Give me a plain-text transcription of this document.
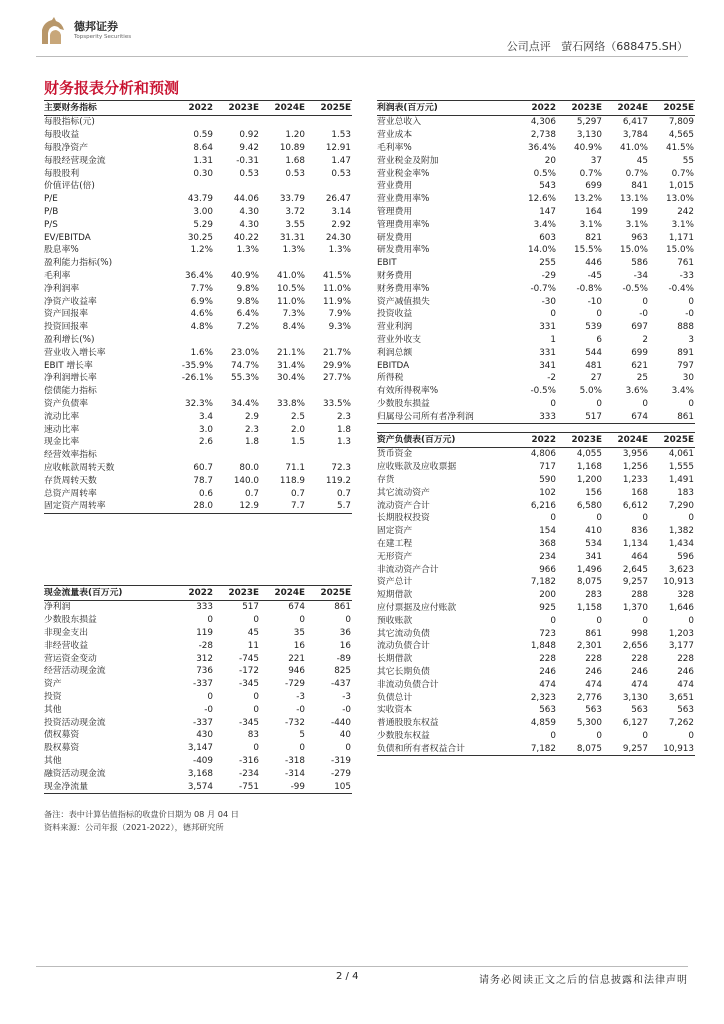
德邦证券
Topsperity Securities
公司点评 萤石网络（688475.SH）
财务报表分析和预测
主要财务指标	2022	2023E	2024E	2025E
每股指标(元)				
每股收益	0.59	0.92	1.20	1.53
每股净资产	8.64	9.42	10.89	12.91
每股经营现金流	1.31	-0.31	1.68	1.47
每股股利	0.30	0.53	0.53	0.53
价值评估(倍)				
P/E	43.79	44.06	33.79	26.47
P/B	3.00	4.30	3.72	3.14
P/S	5.29	4.30	3.55	2.92
EV/EBITDA	30.25	40.22	31.31	24.30
股息率%	1.2%	1.3%	1.3%	1.3%
盈利能力指标(%)				
毛利率	36.4%	40.9%	41.0%	41.5%
净利润率	7.7%	9.8%	10.5%	11.0%
净资产收益率	6.9%	9.8%	11.0%	11.9%
资产回报率	4.6%	6.4%	7.3%	7.9%
投资回报率	4.8%	7.2%	8.4%	9.3%
盈利增长(%)				
营业收入增长率	1.6%	23.0%	21.1%	21.7%
EBIT 增长率	-35.9%	74.7%	31.4%	29.9%
净利润增长率	-26.1%	55.3%	30.4%	27.7%
偿债能力指标				
资产负债率	32.3%	34.4%	33.8%	33.5%
流动比率	3.4	2.9	2.5	2.3
速动比率	3.0	2.3	2.0	1.8
现金比率	2.6	1.8	1.5	1.3
经营效率指标				
应收帐款周转天数	60.7	80.0	71.1	72.3
存货周转天数	78.7	140.0	118.9	119.2
总资产周转率	0.6	0.7	0.7	0.7
固定资产周转率	28.0	12.9	7.7	5.7
利润表(百万元)	2022	2023E	2024E	2025E
营业总收入	4,306	5,297	6,417	7,809
营业成本	2,738	3,130	3,784	4,565
毛利率%	36.4%	40.9%	41.0%	41.5%
营业税金及附加	20	37	45	55
营业税金率%	0.5%	0.7%	0.7%	0.7%
营业费用	543	699	841	1,015
营业费用率%	12.6%	13.2%	13.1%	13.0%
管理费用	147	164	199	242
管理费用率%	3.4%	3.1%	3.1%	3.1%
研发费用	603	821	963	1,171
研发费用率%	14.0%	15.5%	15.0%	15.0%
EBIT	255	446	586	761
财务费用	-29	-45	-34	-33
财务费用率%	-0.7%	-0.8%	-0.5%	-0.4%
资产减值损失	-30	-10	0	0
投资收益	0	0	-0	-0
营业利润	331	539	697	888
营业外收支	1	6	2	3
利润总额	331	544	699	891
EBITDA	341	481	621	797
所得税	-2	27	25	30
有效所得税率%	-0.5%	5.0%	3.6%	3.4%
少数股东损益	0	0	0	0
归属母公司所有者净利润	333	517	674	861
资产负债表(百万元)	2022	2023E	2024E	2025E
货币资金	4,806	4,055	3,956	4,061
应收账款及应收票据	717	1,168	1,256	1,555
存货	590	1,200	1,233	1,491
其它流动资产	102	156	168	183
流动资产合计	6,216	6,580	6,612	7,290
长期股权投资	0	0	0	0
固定资产	154	410	836	1,382
在建工程	368	534	1,134	1,434
无形资产	234	341	464	596
非流动资产合计	966	1,496	2,645	3,623
资产总计	7,182	8,075	9,257	10,913
短期借款	200	283	288	328
应付票据及应付账款	925	1,158	1,370	1,646
预收账款	0	0	0	0
其它流动负债	723	861	998	1,203
流动负债合计	1,848	2,301	2,656	3,177
长期借款	228	228	228	228
其它长期负债	246	246	246	246
非流动负债合计	474	474	474	474
负债总计	2,323	2,776	3,130	3,651
实收资本	563	563	563	563
普通股股东权益	4,859	5,300	6,127	7,262
少数股东权益	0	0	0	0
负债和所有者权益合计	7,182	8,075	9,257	10,913
现金流量表(百万元)	2022	2023E	2024E	2025E
净利润	333	517	674	861
少数股东损益	0	0	0	0
非现金支出	119	45	35	36
非经营收益	-28	11	16	16
营运资金变动	312	-745	221	-89
经营活动现金流	736	-172	946	825
资产	-337	-345	-729	-437
投资	0	0	-3	-3
其他	-0	0	-0	-0
投资活动现金流	-337	-345	-732	-440
债权募资	430	83	5	40
股权募资	3,147	0	0	0
其他	-409	-316	-318	-319
融资活动现金流	3,168	-234	-314	-279
现金净流量	3,574	-751	-99	105
备注：表中计算估值指标的收盘价日期为 08 月 04 日
资料来源：公司年报（2021-2022），德邦研究所
2 / 4	请务必阅读正文之后的信息披露和法律声明
